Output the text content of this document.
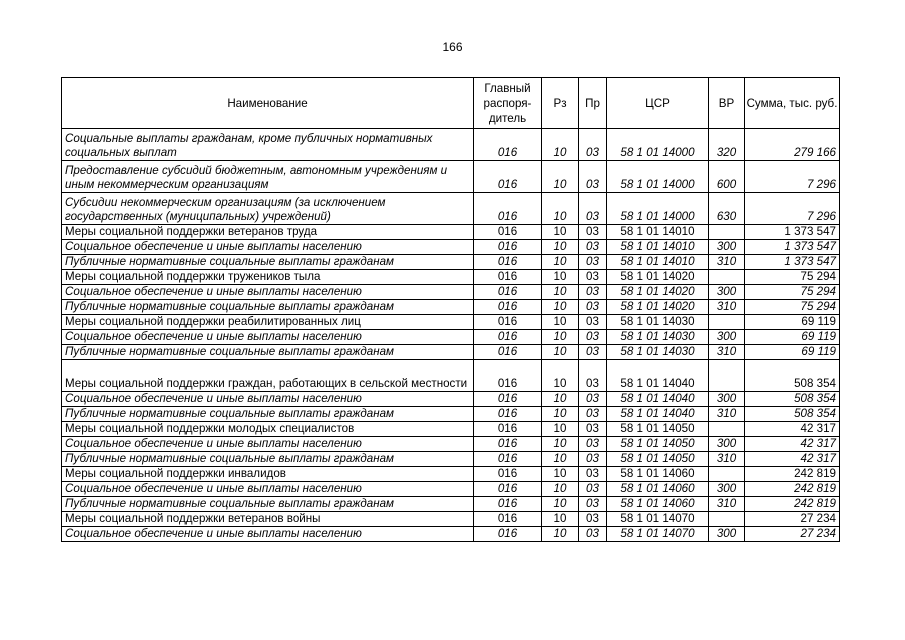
166
Наименование	Главный распоря-дитель	Рз	Пр	ЦСР	ВР	Сумма, тыс. руб.
Социальные выплаты гражданам, кроме публичных нормативных социальных выплат	016	10	03	58 1 01 14000	320	279 166
Предоставление субсидий бюджетным, автономным учреждениям и иным некоммерческим организациям	016	10	03	58 1 01 14000	600	7 296
Субсидии некоммерческим организациям (за исключением государственных (муниципальных) учреждений)	016	10	03	58 1 01 14000	630	7 296
Меры социальной поддержки ветеранов труда	016	10	03	58 1 01 14010		1 373 547
Социальное обеспечение и иные выплаты населению	016	10	03	58 1 01 14010	300	1 373 547
Публичные нормативные социальные выплаты гражданам	016	10	03	58 1 01 14010	310	1 373 547
Меры социальной поддержки тружеников тыла	016	10	03	58 1 01 14020		75 294
Социальное обеспечение и иные выплаты населению	016	10	03	58 1 01 14020	300	75 294
Публичные нормативные социальные выплаты гражданам	016	10	03	58 1 01 14020	310	75 294
Меры социальной поддержки реабилитированных лиц	016	10	03	58 1 01 14030		69 119
Социальное обеспечение и иные выплаты населению	016	10	03	58 1 01 14030	300	69 119
Публичные нормативные социальные выплаты гражданам	016	10	03	58 1 01 14030	310	69 119
Меры социальной поддержки граждан, работающих в сельской местности	016	10	03	58 1 01 14040		508 354
Социальное обеспечение и иные выплаты населению	016	10	03	58 1 01 14040	300	508 354
Публичные нормативные социальные выплаты гражданам	016	10	03	58 1 01 14040	310	508 354
Меры социальной поддержки молодых специалистов	016	10	03	58 1 01 14050		42 317
Социальное обеспечение и иные выплаты населению	016	10	03	58 1 01 14050	300	42 317
Публичные нормативные социальные выплаты гражданам	016	10	03	58 1 01 14050	310	42 317
Меры социальной поддержки инвалидов	016	10	03	58 1 01 14060		242 819
Социальное обеспечение и иные выплаты населению	016	10	03	58 1 01 14060	300	242 819
Публичные нормативные социальные выплаты гражданам	016	10	03	58 1 01 14060	310	242 819
Меры социальной поддержки ветеранов войны	016	10	03	58 1 01 14070		27 234
Социальное обеспечение и иные выплаты населению	016	10	03	58 1 01 14070	300	27 234
